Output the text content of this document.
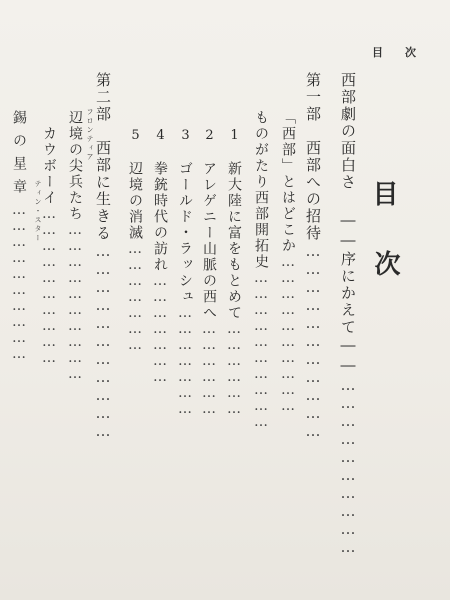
目 次
目
次
西部劇の面白さ ――序にかえて――…………………………
第一部　西部への招待……………………………
「西部」とはどこか…………………………
ものがたり西部開拓史…………………………
1　新大陸に富をもとめて………………
2　アレゲニー山脈の西へ………………
3　ゴールド・ラッシュ…………………
4　拳銃時代の訪れ…………………
5　辺境の消滅…………………
第二部　西部に生きる……………………………
フロンティア
辺境の尖兵たち…………………………
カウボーイ…………………………
ティン・スター
錫の星章…………………………
